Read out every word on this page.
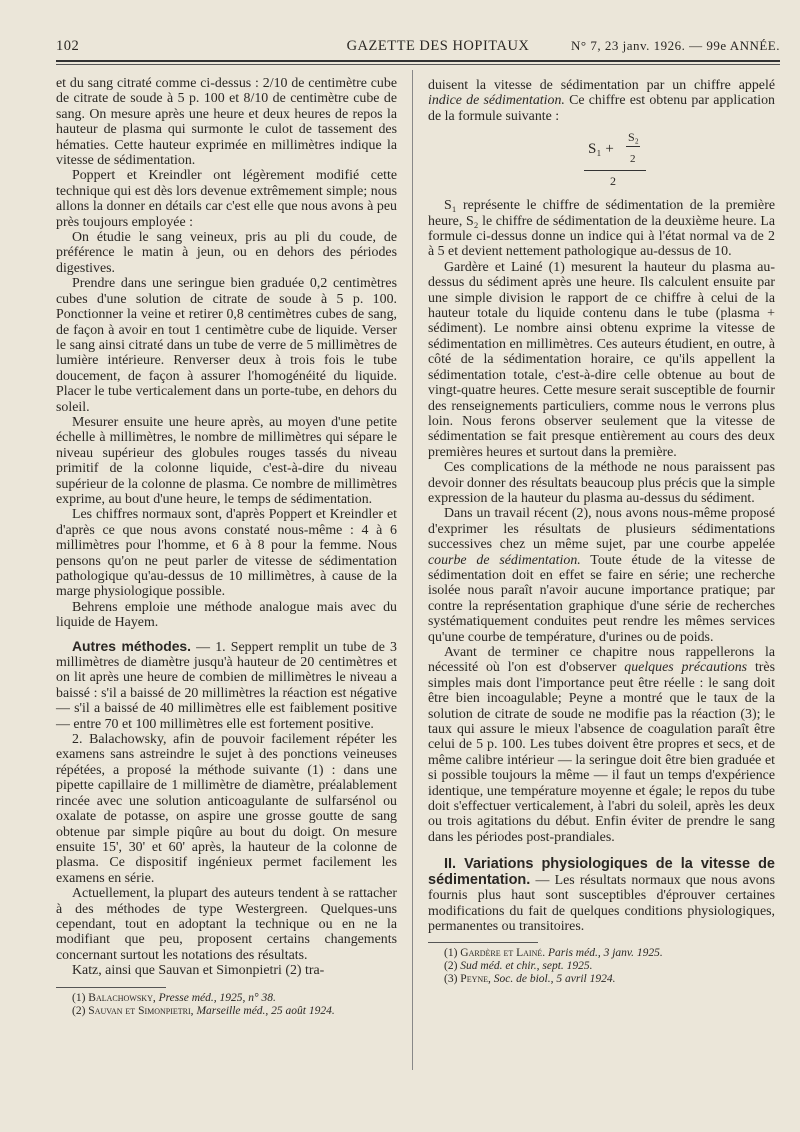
102	GAZETTE DES HOPITAUX	N° 7, 23 janv. 1926. — 99e ANNÉE.

et du sang citraté comme ci-dessus : 2/10 de centimètre cube de citrate de soude à 5 p. 100 et 8/10 de centimètre cube de sang. On mesure après une heure et deux heures de repos la hauteur de plasma qui surmonte le culot de tassement des hématies. Cette hauteur exprimée en millimètres indique la vitesse de sédimentation.

Poppert et Kreindler ont légèrement modifié cette technique qui est dès lors devenue extrêmement simple; nous allons la donner en détails car c'est elle que nous avons à peu près toujours employée :

On étudie le sang veineux, pris au pli du coude, de préférence le matin à jeun, ou en dehors des périodes digestives.

Prendre dans une seringue bien graduée 0,2 centimètres cubes d'une solution de citrate de soude à 5 p. 100. Ponctionner la veine et retirer 0,8 centimètres cubes de sang, de façon à avoir en tout 1 centimètre cube de liquide. Verser le sang ainsi citraté dans un tube de verre de 5 millimètres de lumière intérieure. Renverser deux à trois fois le tube doucement, de façon à assurer l'homogénéité du liquide. Placer le tube verticalement dans un porte-tube, en dehors du soleil.

Mesurer ensuite une heure après, au moyen d'une petite échelle à millimètres, le nombre de millimètres qui sépare le niveau supérieur des globules rouges tassés du niveau primitif de la colonne liquide, c'est-à-dire du niveau supérieur de la colonne de plasma. Ce nombre de millimètres exprime, au bout d'une heure, le temps de sédimentation.

Les chiffres normaux sont, d'après Poppert et Kreindler et d'après ce que nous avons constaté nous-même : 4 à 6 millimètres pour l'homme, et 6 à 8 pour la femme. Nous pensons qu'on ne peut parler de vitesse de sédimentation pathologique qu'au-dessus de 10 millimètres, à cause de la marge physiologique possible.

Behrens emploie une méthode analogue mais avec du liquide de Hayem.

Autres méthodes. — 1. Seppert remplit un tube de 3 millimètres de diamètre jusqu'à hauteur de 20 centimètres et on lit après une heure de combien de millimètres le niveau a baissé : s'il a baissé de 20 millimètres la réaction est négative — s'il a baissé de 40 millimètres elle est faiblement positive — entre 70 et 100 millimètres elle est fortement positive.

2. Balachowsky, afin de pouvoir facilement répéter les examens sans astreindre le sujet à des ponctions veineuses répétées, a proposé la méthode suivante (1) : dans une pipette capillaire de 1 millimètre de diamètre, préalablement rincée avec une solution anticoagulante de sulfarsénol ou oxalate de potasse, on aspire une grosse goutte de sang obtenue par simple piqûre au bout du doigt. On mesure ensuite 15', 30' et 60' après, la hauteur de la colonne de plasma. Ce dispositif ingénieux permet facilement les examens en série.

Actuellement, la plupart des auteurs tendent à se rattacher à des méthodes de type Westergreen. Quelques-uns cependant, tout en adoptant la technique ou en ne la modifiant que peu, proposent certains changements concernant surtout les notations des résultats.

Katz, ainsi que Sauvan et Simonpietri (2) tra-

(1) Balachowsky, Presse méd., 1925, n° 38.

(2) Sauvan et Simonpietri, Marseille méd., 25 août 1924.

duisent la vitesse de sédimentation par un chiffre appelé indice de sédimentation. Ce chiffre est obtenu par application de la formule suivante :

S₁ +
S₂
2
2

S₁ représente le chiffre de sédimentation de la première heure, S₂ le chiffre de sédimentation de la deuxième heure. La formule ci-dessus donne un indice qui à l'état normal va de 2 à 5 et devient nettement pathologique au-dessus de 10.

Gardère et Lainé (1) mesurent la hauteur du plasma au-dessus du sédiment après une heure. Ils calculent ensuite par une simple division le rapport de ce chiffre à celui de la hauteur totale du liquide contenu dans le tube (plasma + sédiment). Le nombre ainsi obtenu exprime la vitesse de sédimentation en millimètres. Ces auteurs étudient, en outre, à côté de la sédimentation horaire, ce qu'ils appellent la sédimentation totale, c'est-à-dire celle obtenue au bout de vingt-quatre heures. Cette mesure serait susceptible de fournir des renseignements particuliers, comme nous le verrons plus loin. Nous ferons observer seulement que la vitesse de sédimentation se fait presque entièrement au cours des deux premières heures et surtout dans la première.

Ces complications de la méthode ne nous paraissent pas devoir donner des résultats beaucoup plus précis que la simple expression de la hauteur du plasma au-dessus du sédiment.

Dans un travail récent (2), nous avons nous-même proposé d'exprimer les résultats de plusieurs sédimentations successives chez un même sujet, par une courbe appelée courbe de sédimentation. Toute étude de la vitesse de sédimentation doit en effet se faire en série; une recherche isolée nous paraît n'avoir aucune importance pratique; par contre la représentation graphique d'une série de recherches systématiquement conduites peut rendre les mêmes services qu'une courbe de température, d'urines ou de poids.

Avant de terminer ce chapitre nous rappellerons la nécessité où l'on est d'observer quelques précautions très simples mais dont l'importance peut être réelle : le sang doit être bien incoagulable; Peyne a montré que le taux de la solution de citrate de soude ne modifie pas la réaction (3); le taux qui assure le mieux l'absence de coagulation paraît être celui de 5 p. 100. Les tubes doivent être propres et secs, et de même calibre intérieur — la seringue doit être bien graduée et si possible toujours la même — il faut un temps d'expérience identique, une température moyenne et égale; le repos du tube doit s'effectuer verticalement, à l'abri du soleil, après les deux ou trois agitations du début. Enfin éviter de prendre le sang dans les périodes post-prandiales.

II. Variations physiologiques de la vitesse de sédimentation. — Les résultats normaux que nous avons fournis plus haut sont susceptibles d'éprouver certaines modifications du fait de quelques conditions physiologiques, permanentes ou transitoires.

(1) Gardère et Lainé. Paris méd., 3 janv. 1925.

(2) Sud méd. et chir., sept. 1925.

(3) Peyne, Soc. de biol., 5 avril 1924.
